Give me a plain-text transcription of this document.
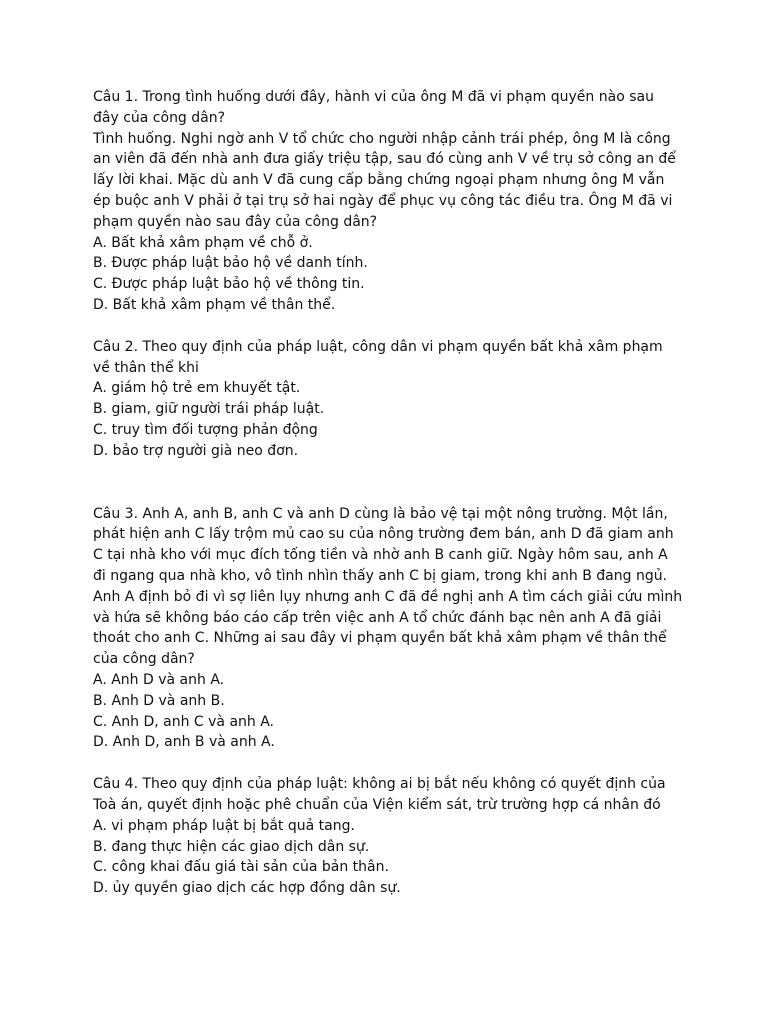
Câu 1. Trong tình huống dưới đây, hành vi của ông M đã vi phạm quyền nào sau đây của công dân?

Tình huống. Nghi ngờ anh V tổ chức cho người nhập cảnh trái phép, ông M là công an viên đã đến nhà anh đưa giấy triệu tập, sau đó cùng anh V về trụ sở công an để lấy lời khai. Mặc dù anh V đã cung cấp bằng chứng ngoại phạm nhưng ông M vẫn ép buộc anh V phải ở tại trụ sở hai ngày để phục vụ công tác điều tra. Ông M đã vi phạm quyền nào sau đây của công dân?

A. Bất khả xâm phạm về chỗ ở.
B. Được pháp luật bảo hộ về danh tính.
C. Được pháp luật bảo hộ về thông tin.
D. Bất khả xâm phạm về thân thể.

Câu 2. Theo quy định của pháp luật, công dân vi phạm quyền bất khả xâm phạm về thân thể khi

A. giám hộ trẻ em khuyết tật.
B. giam, giữ người trái pháp luật.
C. truy tìm đối tượng phản động
D. bảo trợ người già neo đơn.

Câu 3. Anh A, anh B, anh C và anh D cùng là bảo vệ tại một nông trường. Một lần, phát hiện anh C lấy trộm mủ cao su của nông trường đem bán, anh D đã giam anh C tại nhà kho với mục đích tống tiền và nhờ anh B canh giữ. Ngày hôm sau, anh A đi ngang qua nhà kho, vô tình nhìn thấy anh C bị giam, trong khi anh B đang ngủ. Anh A định bỏ đi vì sợ liên lụy nhưng anh C đã đề nghị anh A tìm cách giải cứu mình và hứa sẽ không báo cáo cấp trên việc anh A tổ chức đánh bạc nên anh A đã giải thoát cho anh C. Những ai sau đây vi phạm quyền bất khả xâm phạm về thân thể của công dân?

A. Anh D và anh A.
B. Anh D và anh B.
C. Anh D, anh C và anh A.
D. Anh D, anh B và anh A.

Câu 4. Theo quy định của pháp luật: không ai bị bắt nếu không có quyết định của Toà án, quyết định hoặc phê chuẩn của Viện kiểm sát, trừ trường hợp cá nhân đó

A. vi phạm pháp luật bị bắt quả tang.
B. đang thực hiện các giao dịch dân sự.
C. công khai đấu giá tài sản của bản thân.
D. ủy quyền giao dịch các hợp đồng dân sự.
